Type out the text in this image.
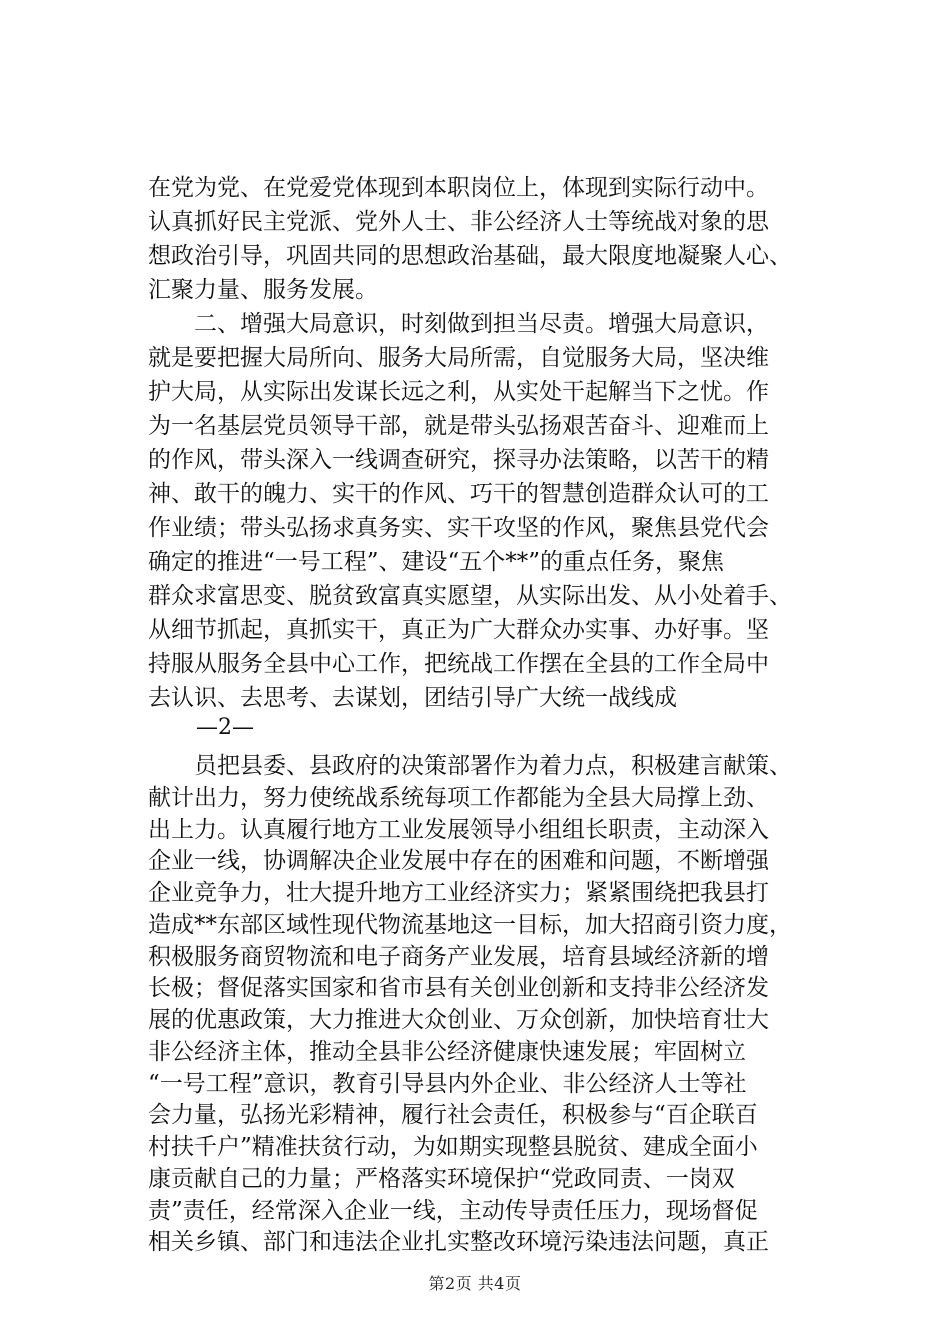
在党为党、在党爱党体现到本职岗位上，体现到实际行动中。
认真抓好民主党派、党外人士、非公经济人士等统战对象的思
想政治引导，巩固共同的思想政治基础，最大限度地凝聚人心、
汇聚力量、服务发展。
二、增强大局意识，时刻做到担当尽责。增强大局意识，
就是要把握大局所向、服务大局所需，自觉服务大局，坚决维
护大局，从实际出发谋长远之利，从实处干起解当下之忧。作
为一名基层党员领导干部，就是带头弘扬艰苦奋斗、迎难而上
的作风，带头深入一线调查研究，探寻办法策略，以苦干的精
神、敢干的魄力、实干的作风、巧干的智慧创造群众认可的工
作业绩；带头弘扬求真务实、实干攻坚的作风，聚焦县党代会
确定的推进“一号工程”、建设“五个**”的重点任务，聚焦
群众求富思变、脱贫致富真实愿望，从实际出发、从小处着手、
从细节抓起，真抓实干，真正为广大群众办实事、办好事。坚
持服从服务全县中心工作，把统战工作摆在全县的工作全局中
去认识、去思考、去谋划，团结引导广大统一战线成
—2—
员把县委、县政府的决策部署作为着力点，积极建言献策、
献计出力，努力使统战系统每项工作都能为全县大局撑上劲、
出上力。认真履行地方工业发展领导小组组长职责，主动深入
企业一线，协调解决企业发展中存在的困难和问题，不断增强
企业竞争力，壮大提升地方工业经济实力；紧紧围绕把我县打
造成**东部区域性现代物流基地这一目标，加大招商引资力度，
积极服务商贸物流和电子商务产业发展，培育县域经济新的增
长极；督促落实国家和省市县有关创业创新和支持非公经济发
展的优惠政策，大力推进大众创业、万众创新，加快培育壮大
非公经济主体，推动全县非公经济健康快速发展；牢固树立
“一号工程”意识，教育引导县内外企业、非公经济人士等社
会力量，弘扬光彩精神，履行社会责任，积极参与“百企联百
村扶千户”精准扶贫行动，为如期实现整县脱贫、建成全面小
康贡献自己的力量；严格落实环境保护“党政同责、一岗双
责”责任，经常深入企业一线，主动传导责任压力，现场督促
第2页 共4页
相关乡镇、部门和违法企业扎实整改环境污染违法问题，真正
